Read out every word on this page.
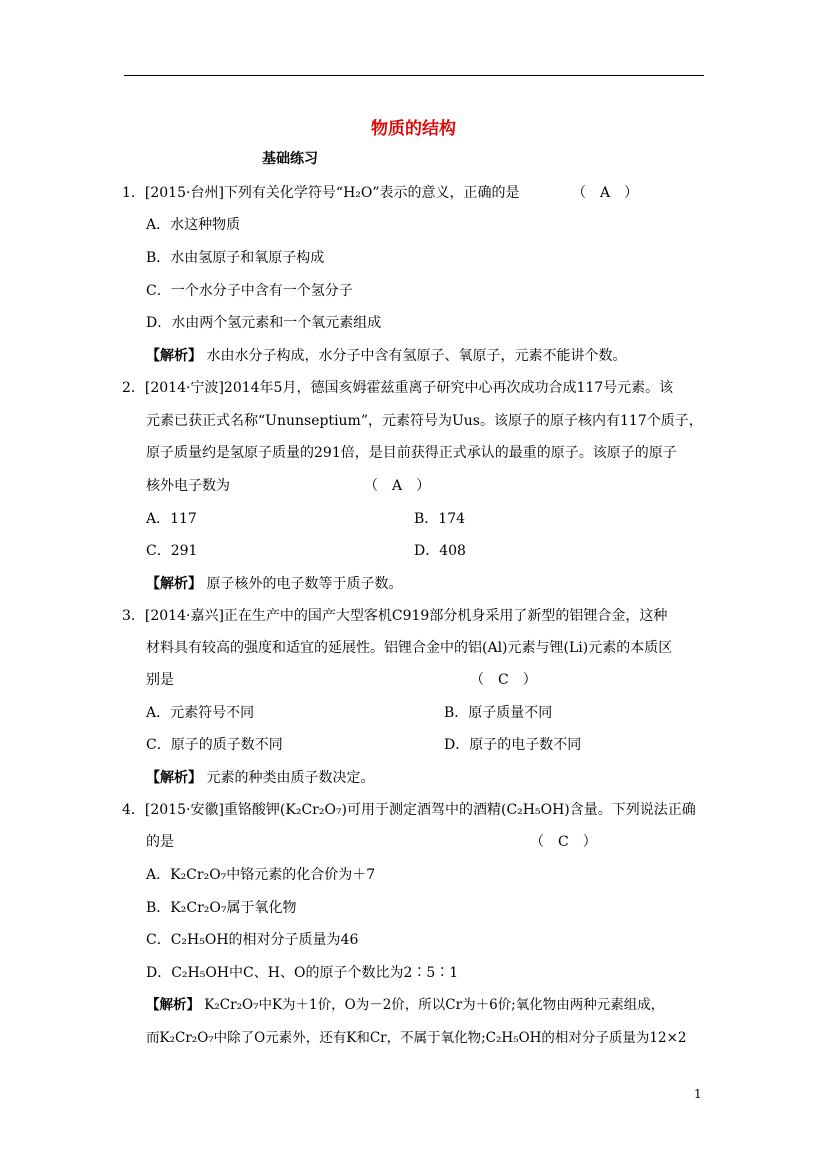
物质的结构
基础练习
1．[2015·台州]下列有关化学符号“H₂O”表示的意义，正确的是	（　A　）
A．水这种物质
B．水由氢原子和氧原子构成
C．一个水分子中含有一个氢分子
D．水由两个氢元素和一个氧元素组成
【解析】 水由水分子构成，水分子中含有氢原子、氧原子，元素不能讲个数。
2．[2014·宁波]2014年5月，德国亥姆霍兹重离子研究中心再次成功合成117号元素。该
元素已获正式名称“Ununseptium”，元素符号为Uus。该原子的原子核内有117个质子，
原子质量约是氢原子质量的291倍，是目前获得正式承认的最重的原子。该原子的原子
核外电子数为	（　A　）
A．117	B．174
C．291	D．408
【解析】 原子核外的电子数等于质子数。
3．[2014·嘉兴]正在生产中的国产大型客机C919部分机身采用了新型的铝锂合金，这种
材料具有较高的强度和适宜的延展性。铝锂合金中的铝(Al)元素与锂(Li)元素的本质区
别是	（　C　）
A．元素符号不同	B．原子质量不同
C．原子的质子数不同	D．原子的电子数不同
【解析】 元素的种类由质子数决定。
4．[2015·安徽]重铬酸钾(K₂Cr₂O₇)可用于测定酒驾中的酒精(C₂H₅OH)含量。下列说法正确
的是	（　C　）
A．K₂Cr₂O₇中铬元素的化合价为＋7
B．K₂Cr₂O₇属于氧化物
C．C₂H₅OH的相对分子质量为46
D．C₂H₅OH中C、H、O的原子个数比为2∶5∶1
【解析】 K₂Cr₂O₇中K为＋1价，O为－2价，所以Cr为＋6价;氧化物由两种元素组成，
而K₂Cr₂O₇中除了O元素外，还有K和Cr，不属于氧化物;C₂H₅OH的相对分子质量为12×2
1
